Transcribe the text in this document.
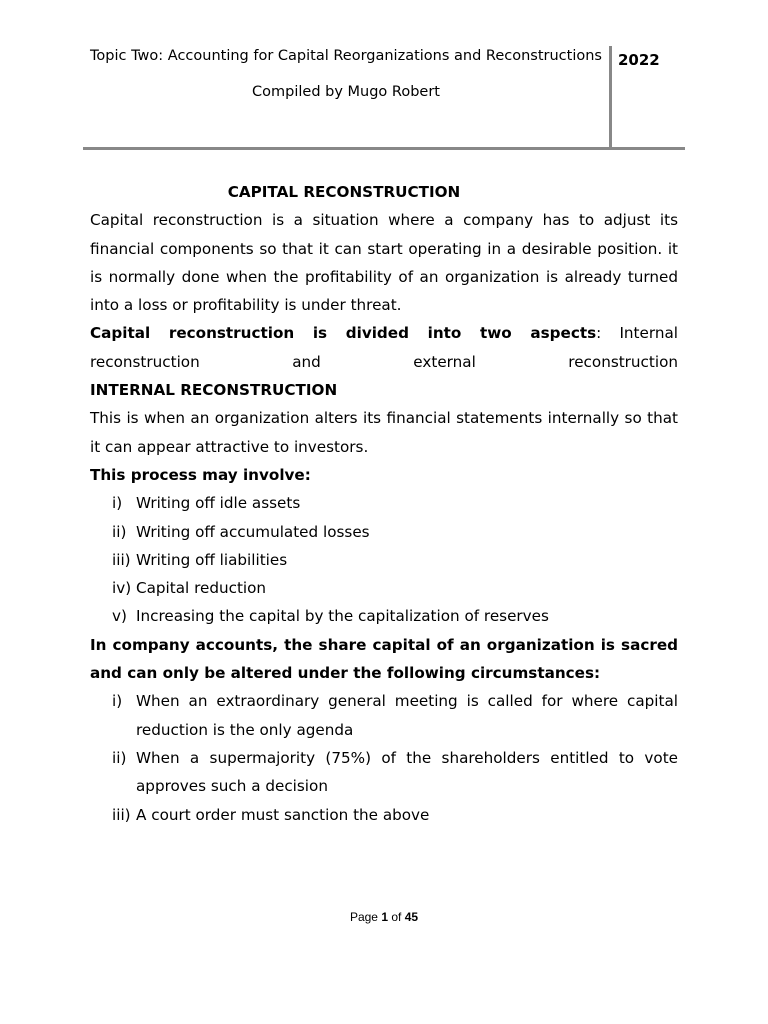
Topic Two: Accounting for Capital Reorganizations and Reconstructions
Compiled by Mugo Robert
2022

CAPITAL RECONSTRUCTION

Capital reconstruction is a situation where a company has to adjust its financial components so that it can start operating in a desirable position. it is normally done when the profitability of an organization is already turned into a loss or profitability is under threat.

Capital reconstruction is divided into two aspects: Internal reconstruction and external reconstruction

INTERNAL RECONSTRUCTION

This is when an organization alters its financial statements internally so that it can appear attractive to investors.

This process may involve:

i) Writing off idle assets
ii) Writing off accumulated losses
iii) Writing off liabilities
iv) Capital reduction
v) Increasing the capital by the capitalization of reserves

In company accounts, the share capital of an organization is sacred and can only be altered under the following circumstances:

i) When an extraordinary general meeting is called for where capital reduction is the only agenda
ii) When a supermajority (75%) of the shareholders entitled to vote approves such a decision
iii) A court order must sanction the above
Page 1 of 45
